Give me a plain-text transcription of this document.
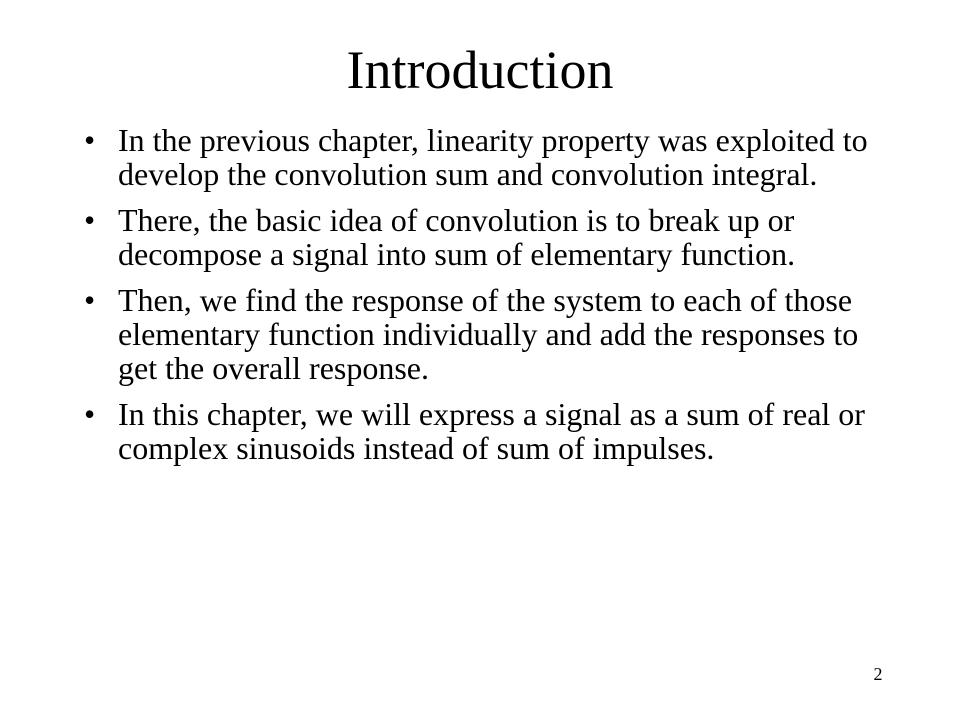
Introduction
• In the previous chapter, linearity property was exploited to develop the convolution sum and convolution integral.
• There, the basic idea of convolution is to break up or decompose a signal into sum of elementary function.
• Then, we find the response of the system to each of those elementary function individually and add the responses to get the overall response.
• In this chapter, we will express a signal as a sum of real or complex sinusoids instead of sum of impulses.
2
